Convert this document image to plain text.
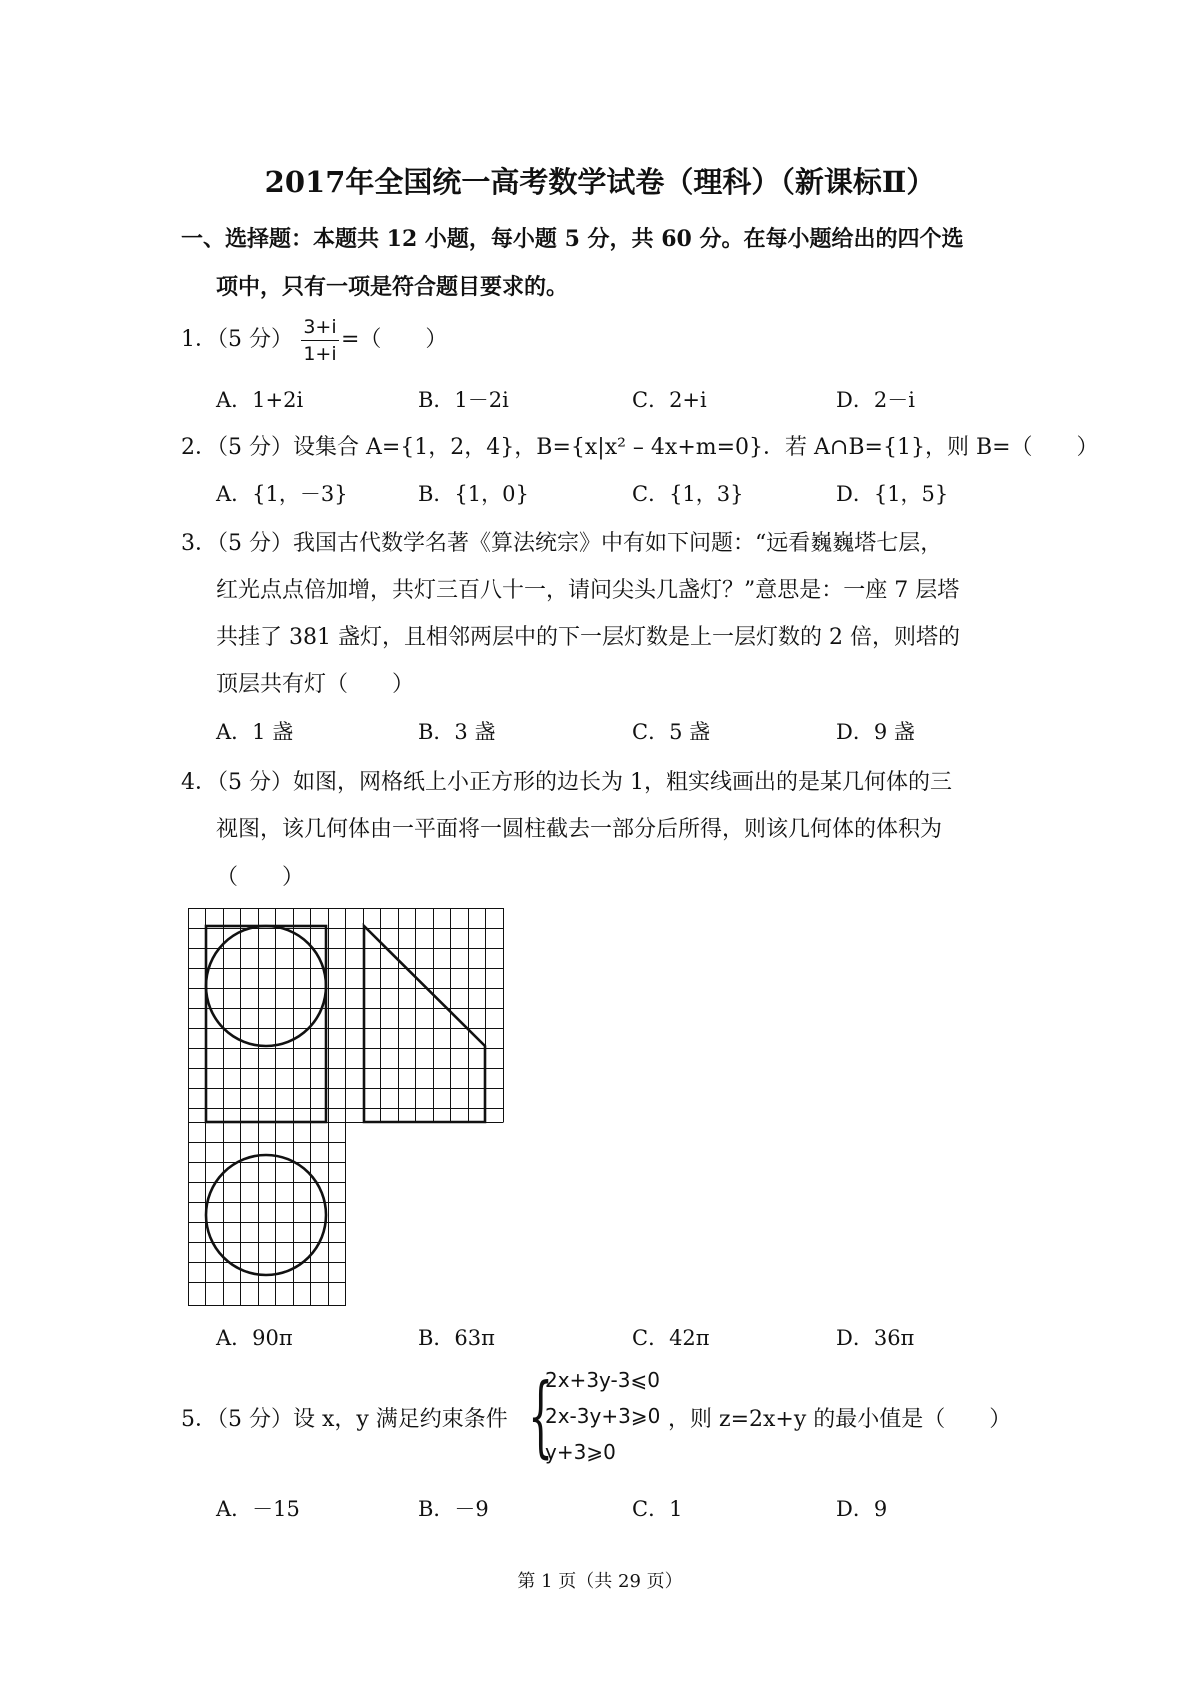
2017年全国统一高考数学试卷（理科）（新课标Ⅱ）
一、选择题：本题共 12 小题，每小题 5 分，共 60 分。在每小题给出的四个选
项中，只有一项是符合题目要求的。
1．（5 分） $\frac{3+i}{1+i}$ =（　　）
A．1+2i	B．1－2i	C．2+i	D．2－i
2．（5 分）设集合 A={1，2，4}，B={x|x² – 4x+m=0}．若 A∩B={1}，则 B=（　　）
A．{1，－3}	B．{1，0}	C．{1，3}	D．{1，5}
3．（5 分）我国古代数学名著《算法统宗》中有如下问题：“远看巍巍塔七层，
红光点点倍加增，共灯三百八十一，请问尖头几盏灯？”意思是：一座 7 层塔
共挂了 381 盏灯，且相邻两层中的下一层灯数是上一层灯数的 2 倍，则塔的
顶层共有灯（　　）
A．1 盏	B．3 盏	C．5 盏	D．9 盏
4．（5 分）如图，网格纸上小正方形的边长为 1，粗实线画出的是某几何体的三
视图，该几何体由一平面将一圆柱截去一部分后所得，则该几何体的体积为
（　　）
A．90π	B．63π	C．42π	D．36π
5．（5 分）设 x，y 满足约束条件 {
2x+3y-3⩽0
2x-3y+3⩾0
y+3⩾0
，则 z=2x+y 的最小值是（　　）
A．－15	B．－9	C．1	D．9
第 1 页（共 29 页）
